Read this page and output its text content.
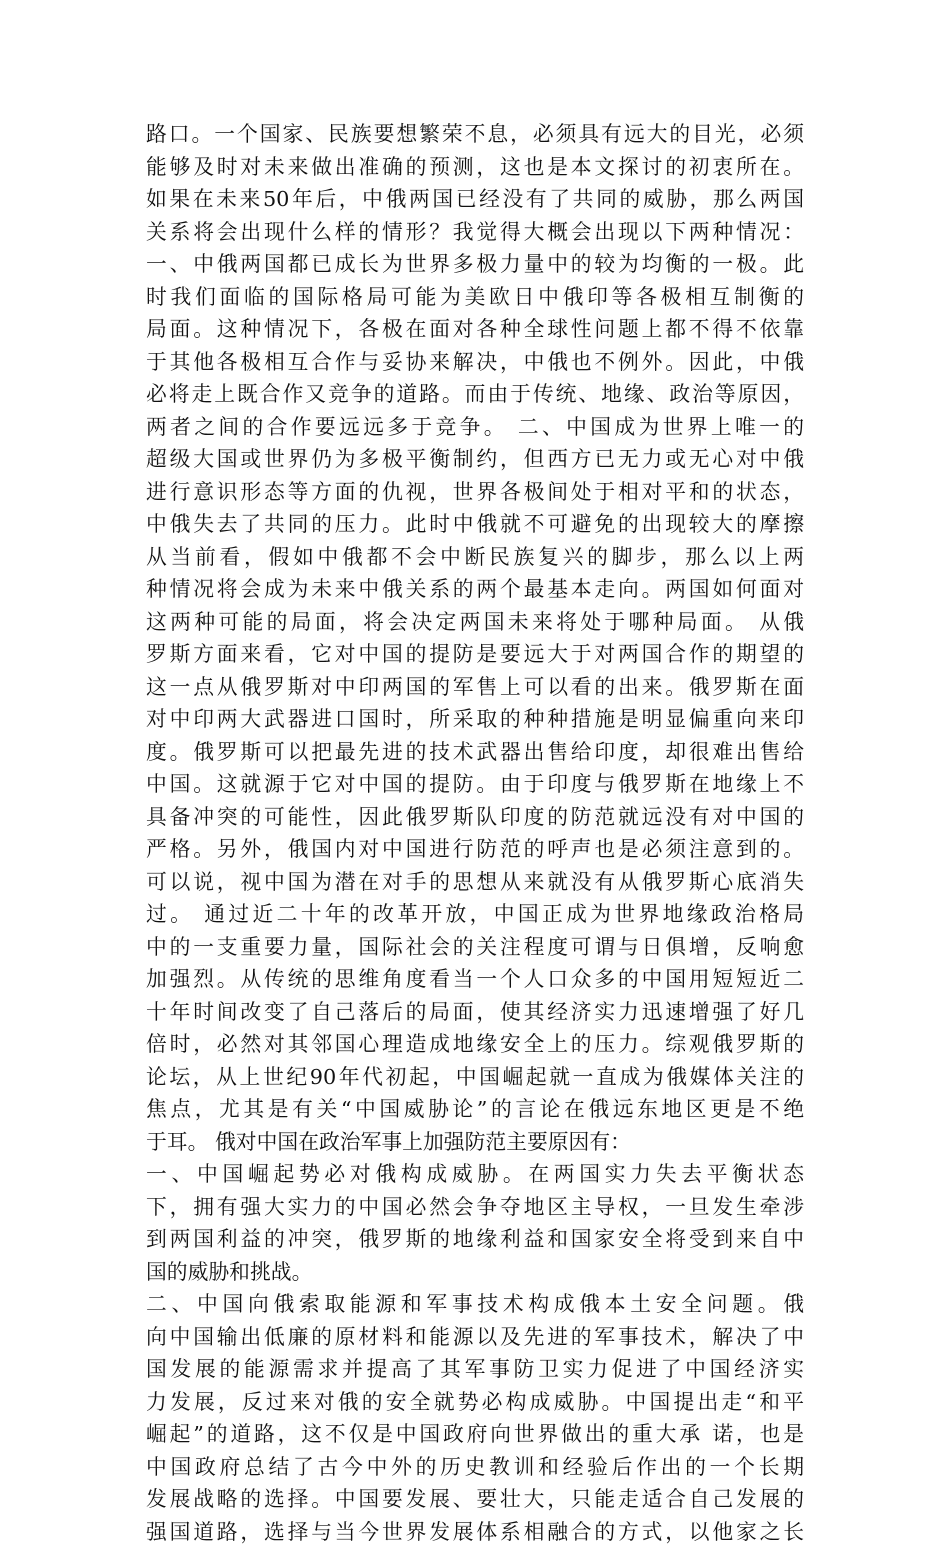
路口。一个国家、民族要想繁荣不息，必须具有远大的目光，必须
能够及时对未来做出准确的预测，这也是本文探讨的初衷所在。
如果在未来50年后，中俄两国已经没有了共同的威胁，那么两国
关系将会出现什么样的情形？我觉得大概会出现以下两种情况：
一、中俄两国都已成长为世界多极力量中的较为均衡的一极。此
时我们面临的国际格局可能为美欧日中俄印等各极相互制衡的
局面。这种情况下，各极在面对各种全球性问题上都不得不依靠
于其他各极相互合作与妥协来解决，中俄也不例外。因此，中俄
必将走上既合作又竞争的道路。而由于传统、地缘、政治等原因，
两者之间的合作要远远多于竞争。 二、中国成为世界上唯一的
超级大国或世界仍为多极平衡制约，但西方已无力或无心对中俄
进行意识形态等方面的仇视，世界各极间处于相对平和的状态，
中俄失去了共同的压力。此时中俄就不可避免的出现较大的摩擦
从当前看，假如中俄都不会中断民族复兴的脚步，那么以上两
种情况将会成为未来中俄关系的两个最基本走向。两国如何面对
这两种可能的局面，将会决定两国未来将处于哪种局面。 从俄
罗斯方面来看，它对中国的提防是要远大于对两国合作的期望的
这一点从俄罗斯对中印两国的军售上可以看的出来。俄罗斯在面
对中印两大武器进口国时，所采取的种种措施是明显偏重向来印
度。俄罗斯可以把最先进的技术武器出售给印度，却很难出售给
中国。这就源于它对中国的提防。由于印度与俄罗斯在地缘上不
具备冲突的可能性，因此俄罗斯队印度的防范就远没有对中国的
严格。另外，俄国内对中国进行防范的呼声也是必须注意到的。
可以说，视中国为潜在对手的思想从来就没有从俄罗斯心底消失
过。 通过近二十年的改革开放，中国正成为世界地缘政治格局
中的一支重要力量，国际社会的关注程度可谓与日俱增，反响愈
加强烈。从传统的思维角度看当一个人口众多的中国用短短近二
十年时间改变了自己落后的局面，使其经济实力迅速增强了好几
倍时，必然对其邻国心理造成地缘安全上的压力。综观俄罗斯的
论坛，从上世纪90年代初起，中国崛起就一直成为俄媒体关注的
焦点，尤其是有关“中国威胁论”的言论在俄远东地区更是不绝
于耳。 俄对中国在政治军事上加强防范主要原因有：
一、中国崛起势必对俄构成威胁。在两国实力失去平衡状态
下，拥有强大实力的中国必然会争夺地区主导权，一旦发生牵涉
到两国利益的冲突，俄罗斯的地缘利益和国家安全将受到来自中
国的威胁和挑战。
二、中国向俄索取能源和军事技术构成俄本土安全问题。俄
向中国输出低廉的原材料和能源以及先进的军事技术，解决了中
国发展的能源需求并提高了其军事防卫实力促进了中国经济实
力发展，反过来对俄的安全就势必构成威胁。中国提出走“和平
崛起”的道路，这不仅是中国政府向世界做出的重大承 诺，也是
中国政府总结了古今中外的历史教训和经验后作出的一个长期
发展战略的选择。中国要发展、要壮大，只能走适合自己发展的
强国道路，选择与当今世界发展体系相融合的方式，以他家之长
